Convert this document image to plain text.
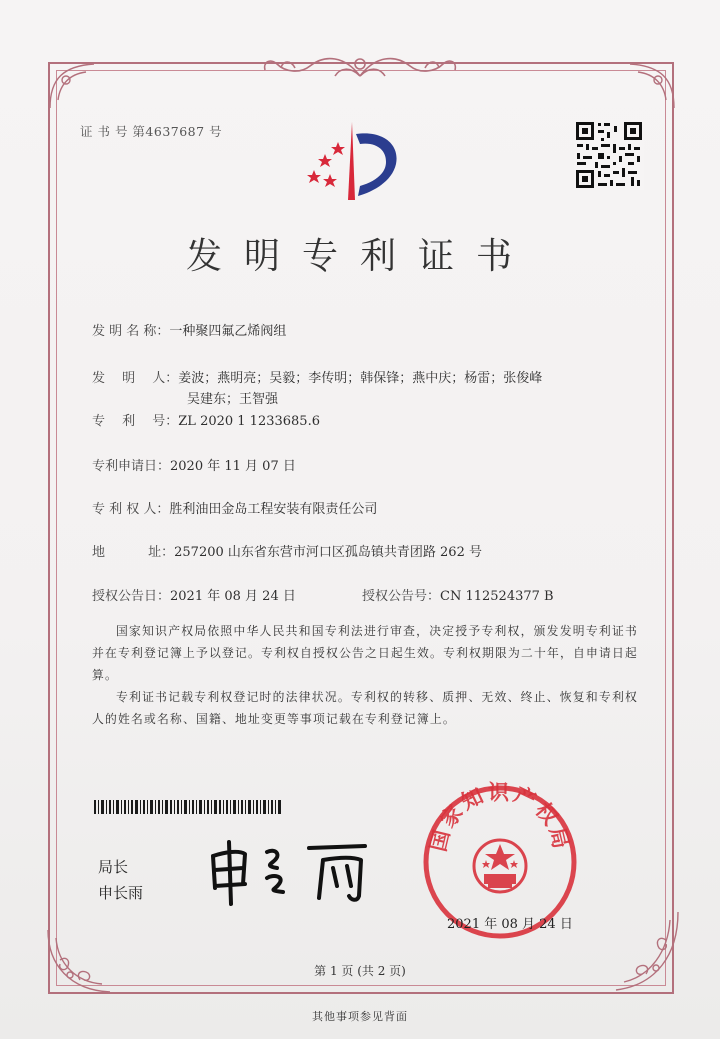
证 书 号 第4637687 号
发明专利证书
发 明 名 称：一种聚四氟乙烯阀组
发　 明　 人：姜波；燕明亮；吴毅；李传明；韩保锋；燕中庆；杨雷；张俊峰
吴建东；王智强
专　 利　 号：ZL 2020 1 1233685.6
专利申请日：2020 年 11 月 07 日
专 利 权 人：胜利油田金岛工程安装有限责任公司
地　　　 址：257200 山东省东营市河口区孤岛镇共青团路 262 号
授权公告日：2021 年 08 月 24 日	授权公告号：CN 112524377 B
国家知识产权局依照中华人民共和国专利法进行审查，决定授予专利权，颁发发明专利证书并在专利登记簿上予以登记。专利权自授权公告之日起生效。专利权期限为二十年，自申请日起算。
专利证书记载专利权登记时的法律状况。专利权的转移、质押、无效、终止、恢复和专利权人的姓名或名称、国籍、地址变更等事项记载在专利登记簿上。
局长
申长雨
国家知识产权局
2021 年 08 月 24 日
第 1 页 (共 2 页)
其他事项参见背面
